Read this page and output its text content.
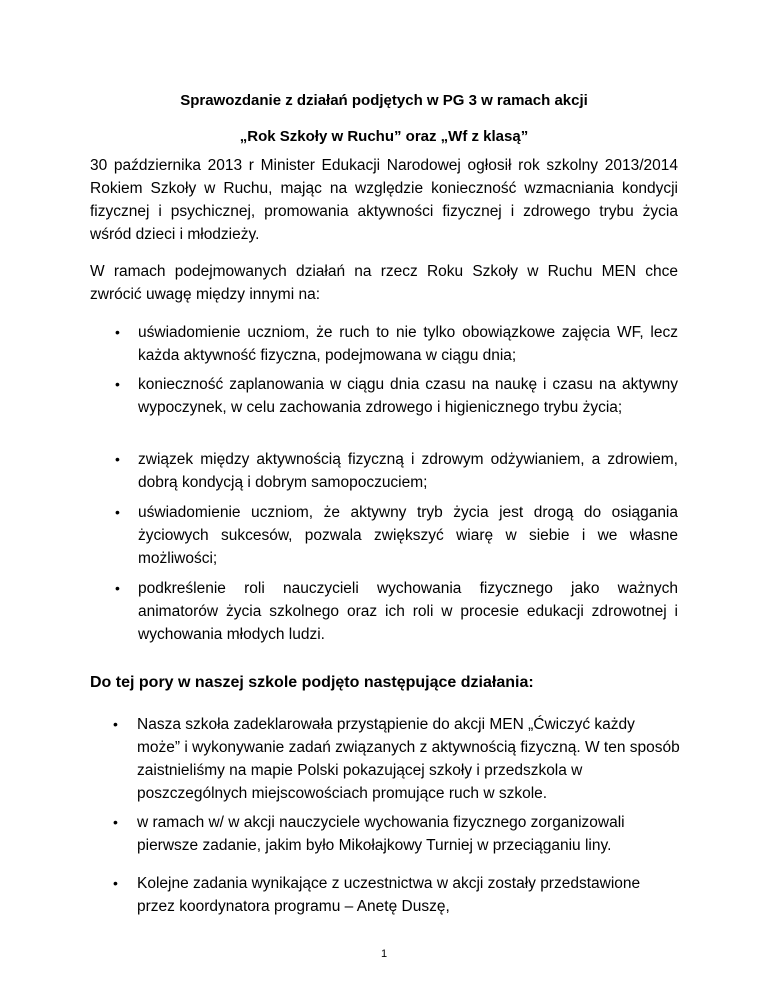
Sprawozdanie z działań podjętych w PG 3 w ramach akcji
„Rok Szkoły w Ruchu” oraz „Wf z klasą”
30 października 2013 r Minister Edukacji Narodowej ogłosił rok szkolny 2013/2014 Rokiem Szkoły w Ruchu, mając na względzie konieczność wzmacniania kondycji fizycznej i psychicznej, promowania aktywności fizycznej i zdrowego trybu życia wśród dzieci i młodzieży.
W ramach podejmowanych działań na rzecz Roku Szkoły w Ruchu MEN chce zwrócić uwagę między innymi na:
• uświadomienie uczniom, że ruch to nie tylko obowiązkowe zajęcia WF, lecz każda aktywność fizyczna, podejmowana w ciągu dnia;
• konieczność zaplanowania w ciągu dnia czasu na naukę i czasu na aktywny wypoczynek, w celu zachowania zdrowego i higienicznego trybu życia;
• związek między aktywnością fizyczną i zdrowym odżywianiem, a zdrowiem, dobrą kondycją i dobrym samopoczuciem;
• uświadomienie uczniom, że aktywny tryb życia jest drogą do osiągania życiowych sukcesów, pozwala zwiększyć wiarę w siebie i we własne możliwości;
• podkreślenie roli nauczycieli wychowania fizycznego jako ważnych animatorów życia szkolnego oraz ich roli w procesie edukacji zdrowotnej i wychowania młodych ludzi.
Do tej pory w naszej szkole podjęto następujące działania:
• Nasza szkoła zadeklarowała przystąpienie do akcji MEN „Ćwiczyć każdy może” i wykonywanie zadań związanych z aktywnością fizyczną. W ten sposób zaistnieliśmy na mapie Polski pokazującej szkoły i przedszkola w poszczególnych miejscowościach promujące ruch w szkole.
• w ramach w/ w akcji nauczyciele wychowania fizycznego zorganizowali pierwsze zadanie, jakim było Mikołajkowy Turniej w przeciąganiu liny.
• Kolejne zadania wynikające z uczestnictwa w akcji zostały przedstawione przez koordynatora programu – Anetę Duszę,
1
